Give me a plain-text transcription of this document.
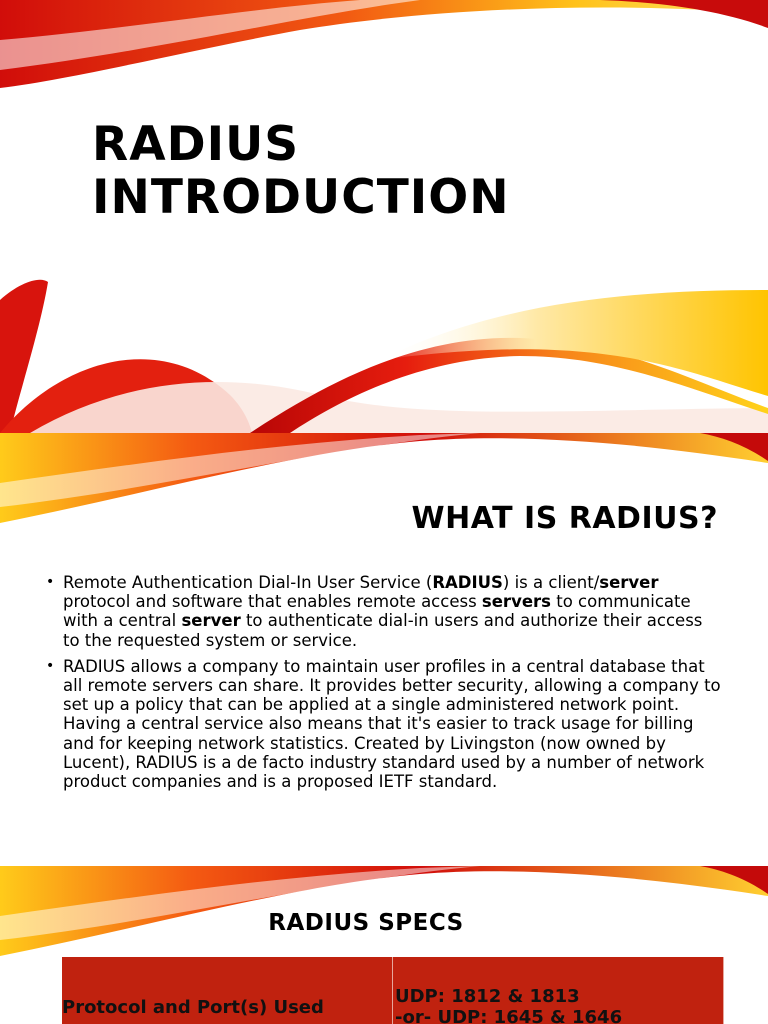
RADIUS
INTRODUCTION
WHAT IS RADIUS?
• Remote Authentication Dial-In User Service (RADIUS) is a client/server protocol and software that enables remote access servers to communicate with a central server to authenticate dial-in users and authorize their access to the requested system or service.
• RADIUS allows a company to maintain user profiles in a central database that all remote servers can share. It provides better security, allowing a company to set up a policy that can be applied at a single administered network point. Having a central service also means that it's easier to track usage for billing and for keeping network statistics. Created by Livingston (now owned by Lucent), RADIUS is a de facto industry standard used by a number of network product companies and is a proposed IETF standard.
RADIUS SPECS
Protocol and Port(s) Used	UDP: 1812 & 1813
-or- UDP: 1645 & 1646
